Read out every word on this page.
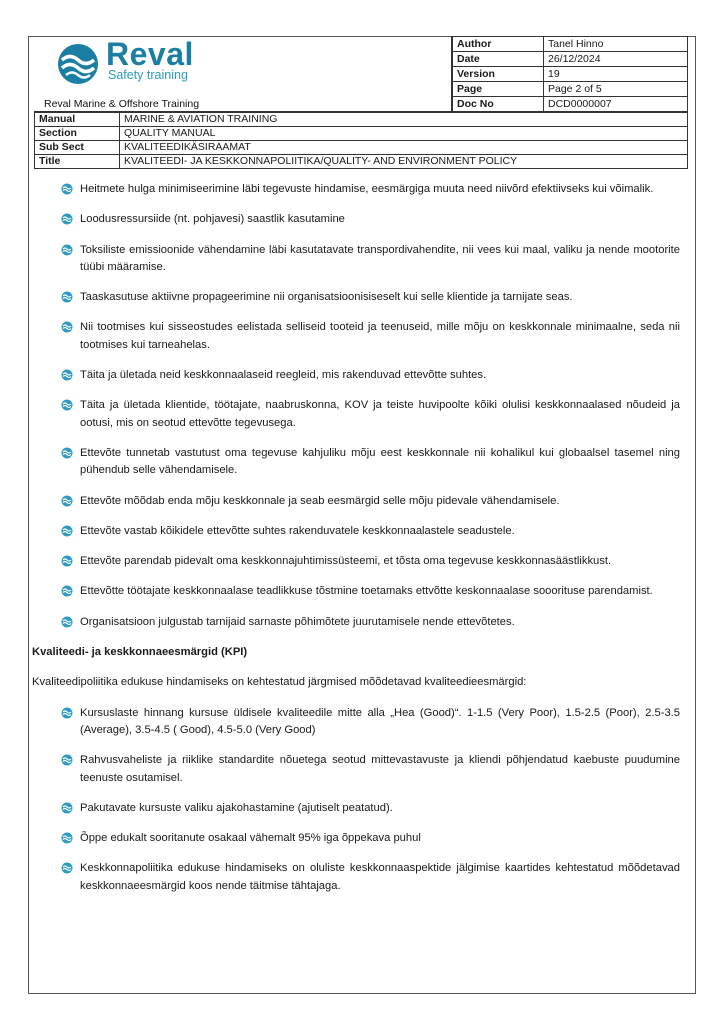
Reval
Safety training
Reval Marine & Offshore Training
Author	Tanel Hinno
Date	26/12/2024
Version	19
Page	Page 2 of 5
Doc No	DCD0000007
Manual	MARINE & AVIATION TRAINING
Section	QUALITY MANUAL
Sub Sect	KVALITEEDIKÄSIRAAMAT
Title	KVALITEEDI- JA KESKKONNAPOLIITIKA/QUALITY- AND ENVIRONMENT POLICY
Heitmete hulga minimiseerimine läbi tegevuste hindamise, eesmärgiga muuta need niivõrd efektiivseks kui võimalik.
Loodusressursiide (nt. pohjavesi) saastlik kasutamine
Toksiliste emissioonide vähendamine läbi kasutatavate transpordivahendite, nii vees kui maal, valiku ja nende mootorite tüübi määramise.
Taaskasutuse aktiivne propageerimine nii organisatsioonisiseselt kui selle klientide ja tarnijate seas.
Nii tootmises kui sisseostudes eelistada selliseid tooteid ja teenuseid, mille mõju on keskkonnale minimaalne, seda nii tootmises kui tarneahelas.
Täita ja ületada neid keskkonnaalaseid reegleid, mis rakenduvad ettevõtte suhtes.
Täita ja ületada klientide, töötajate, naabruskonna, KOV ja teiste huvipoolte kõiki olulisi keskkonnaalased nõudeid ja ootusi, mis on seotud ettevõtte tegevusega.
Ettevõte tunnetab vastutust oma tegevuse kahjuliku mõju eest keskkonnale nii kohalikul kui globaalsel tasemel ning pühendub selle vähendamisele.
Ettevõte mõõdab enda mõju keskkonnale ja seab eesmärgid selle mõju pidevale vähendamisele.
Ettevõte vastab kõikidele ettevõtte suhtes rakenduvatele keskkonnaalastele seadustele.
Ettevõte parendab pidevalt oma keskkonnajuhtimissüsteemi, et tõsta oma tegevuse keskkonnasäästlikkust.
Ettevõtte töötajate keskkonnaalase teadlikkuse tõstmine toetamaks ettvõtte keskonnaalase sooorituse parendamist.
Organisatsioon julgustab tarnijaid sarnaste põhimõtete juurutamisele nende ettevõtetes.
Kvaliteedi- ja keskkonnaeesmärgid (KPI)
Kvaliteedipoliitika edukuse hindamiseks on kehtestatud järgmised mõõdetavad kvaliteedieesmärgid:
Kursuslaste hinnang kursuse üldisele kvaliteedile mitte alla „Hea (Good)“. 1-1.5 (Very Poor), 1.5-2.5 (Poor), 2.5-3.5 (Average), 3.5-4.5 ( Good), 4.5-5.0 (Very Good)
Rahvusvaheliste ja riiklike standardite nõuetega seotud mittevastavuste ja kliendi põhjendatud kaebuste puudumine teenuste osutamisel.
Pakutavate kursuste valiku ajakohastamine (ajutiselt peatatud).
Õppe edukalt sooritanute osakaal vähemalt 95% iga õppekava puhul
Keskkonnapoliitika edukuse hindamiseks on oluliste keskkonnaaspektide jälgimise kaartides kehtestatud mõõdetavad keskkonnaeesmärgid koos nende täitmise tähtajaga.
